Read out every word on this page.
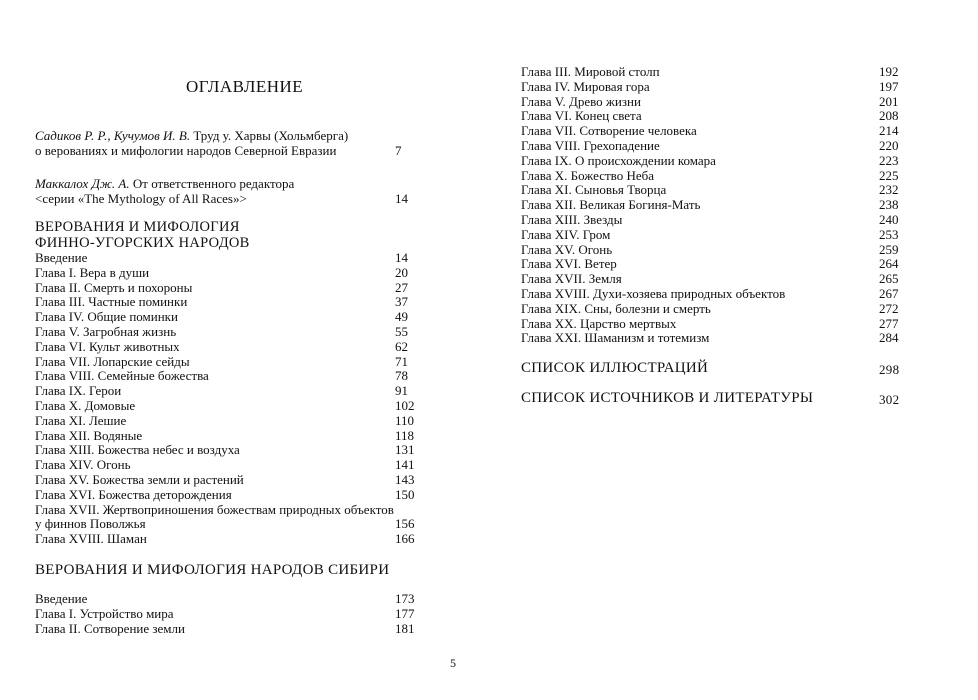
ОГЛАВЛЕНИЕ
Садиков Р. Р., Кучумов И. В. Труд у. Харвы (Хольмберга)
о верованиях и мифологии народов Северной Евразии	7
Маккалох Дж. А. От ответственного редактора
<серии «The Mythology of All Races»>	14
ВЕРОВАНИЯ И МИФОЛОГИЯ
ФИННО-УГОРСКИХ НАРОДОВ
Введение	14
Глава I. Вера в души	20
Глава II. Смерть и похороны	27
Глава III. Частные поминки	37
Глава IV. Общие поминки	49
Глава V. Загробная жизнь	55
Глава VI. Культ животных	62
Глава VII. Лопарские сейды	71
Глава VIII. Семейные божества	78
Глава IX. Герои	91
Глава X. Домовые	102
Глава XI. Лешие	110
Глава XII. Водяные	118
Глава XIII. Божества небес и воздуха	131
Глава XIV. Огонь	141
Глава XV. Божества земли и растений	143
Глава XVI. Божества деторождения	150
Глава XVII. Жертвоприношения божествам природных объектов
у финнов Поволжья	156
Глава XVIII. Шаман	166
ВЕРОВАНИЯ И МИФОЛОГИЯ НАРОДОВ СИБИРИ
Введение	173
Глава I. Устройство мира	177
Глава II. Сотворение земли	181
Глава III. Мировой столп	192
Глава IV. Мировая гора	197
Глава V. Древо жизни	201
Глава VI. Конец света	208
Глава VII. Сотворение человека	214
Глава VIII. Грехопадение	220
Глава IX. О происхождении комара	223
Глава X. Божество Неба	225
Глава XI. Сыновья Творца	232
Глава XII. Великая Богиня-Мать	238
Глава XIII. Звезды	240
Глава XIV. Гром	253
Глава XV. Огонь	259
Глава XVI. Ветер	264
Глава XVII. Земля	265
Глава XVIII. Духи-хозяева природных объектов	267
Глава XIX. Сны, болезни и смерть	272
Глава XX. Царство мертвых	277
Глава XXI. Шаманизм и тотемизм	284
СПИСОК ИЛЛЮСТРАЦИЙ	298
СПИСОК ИСТОЧНИКОВ И ЛИТЕРАТУРЫ	302
5
